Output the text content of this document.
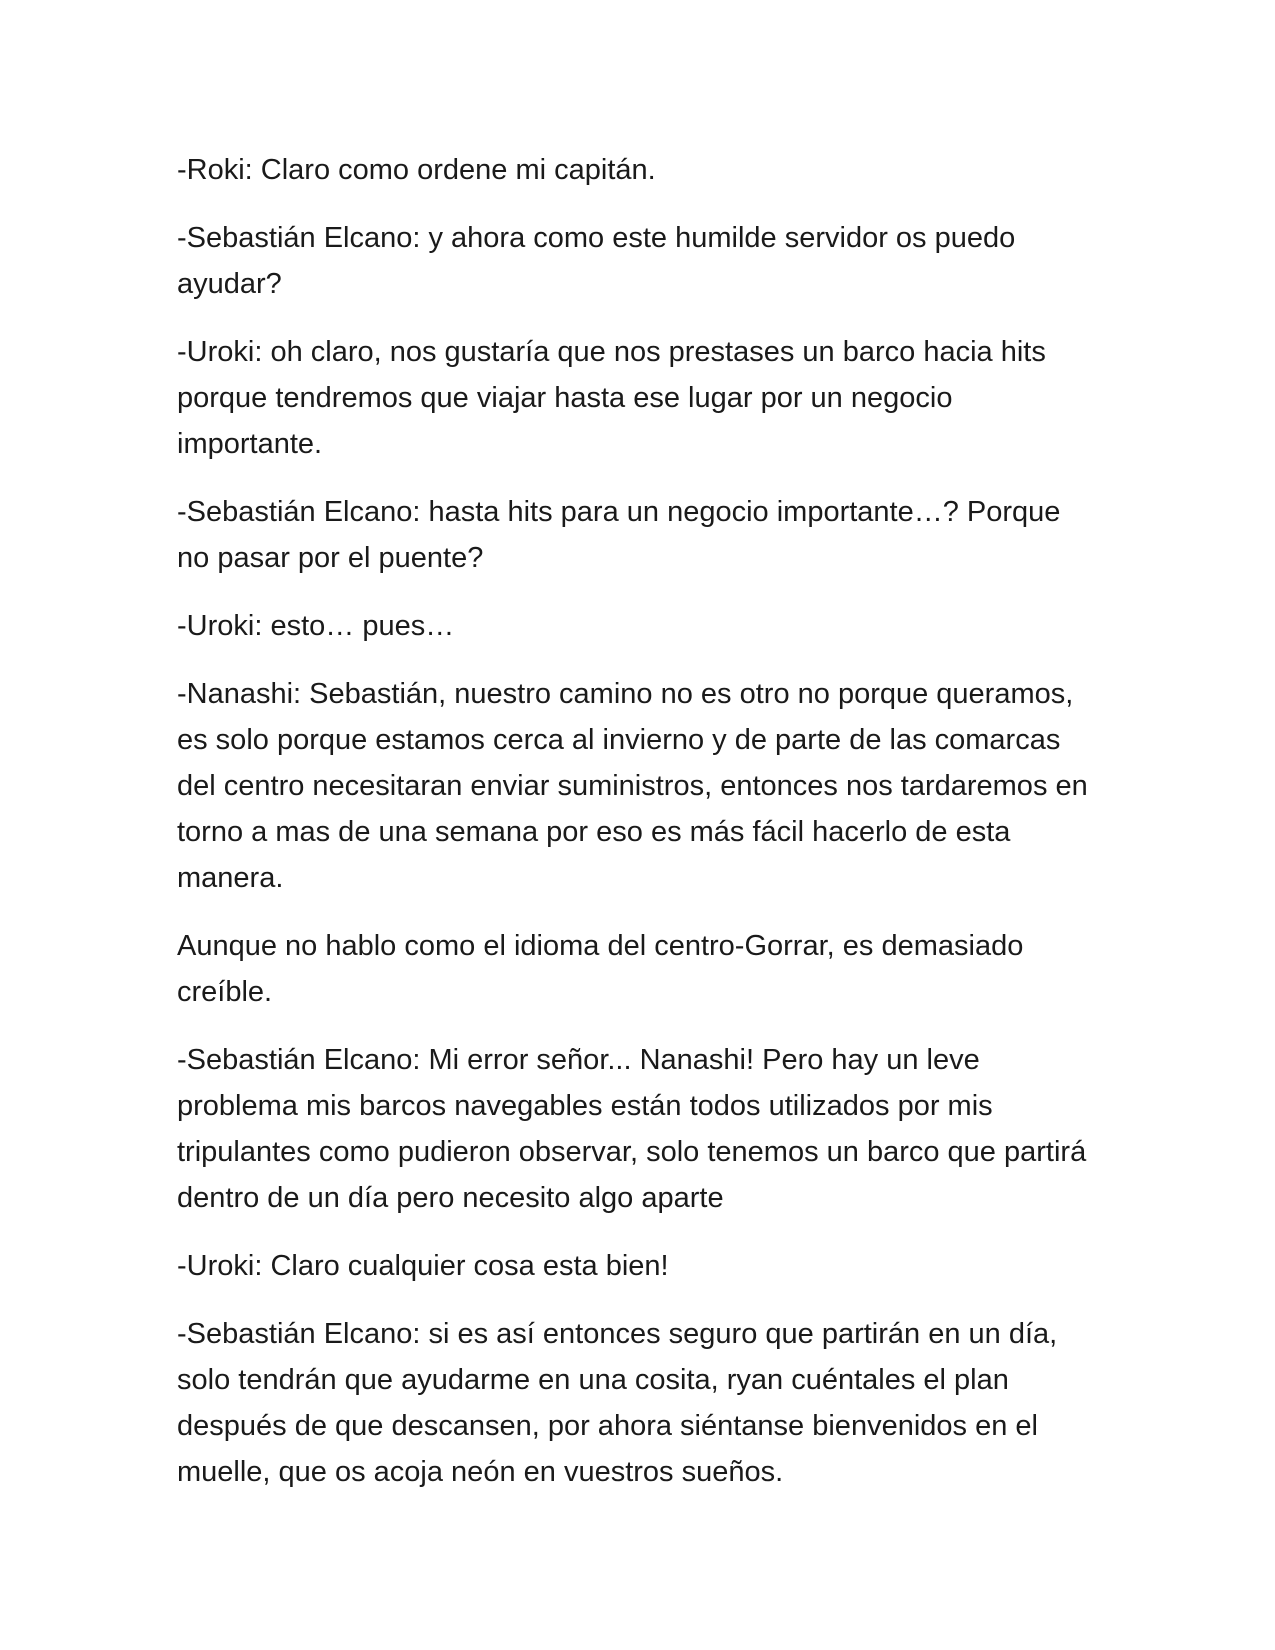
-Roki: Claro como ordene mi capitán.

-Sebastián Elcano: y ahora como este humilde servidor os puedo ayudar?

-Uroki: oh claro, nos gustaría que nos prestases un barco hacia hits porque tendremos que viajar hasta ese lugar por un negocio importante.

-Sebastián Elcano: hasta hits para un negocio importante…? Porque no pasar por el puente?

-Uroki: esto… pues…

-Nanashi: Sebastián, nuestro camino no es otro no porque queramos, es solo porque estamos cerca al invierno y de parte de las comarcas del centro necesitaran enviar suministros, entonces nos tardaremos en torno a mas de una semana por eso es más fácil hacerlo de esta manera.

Aunque no hablo como el idioma del centro-Gorrar, es demasiado creíble.

-Sebastián Elcano: Mi error señor... Nanashi! Pero hay un leve problema mis barcos navegables están todos utilizados por mis tripulantes como pudieron observar, solo tenemos un barco que partirá dentro de un día pero necesito algo aparte

-Uroki: Claro cualquier cosa esta bien!

-Sebastián Elcano: si es así entonces seguro que partirán en un día, solo tendrán que ayudarme en una cosita, ryan cuéntales el plan después de que descansen, por ahora siéntanse bienvenidos en el muelle, que os acoja neón en vuestros sueños.
